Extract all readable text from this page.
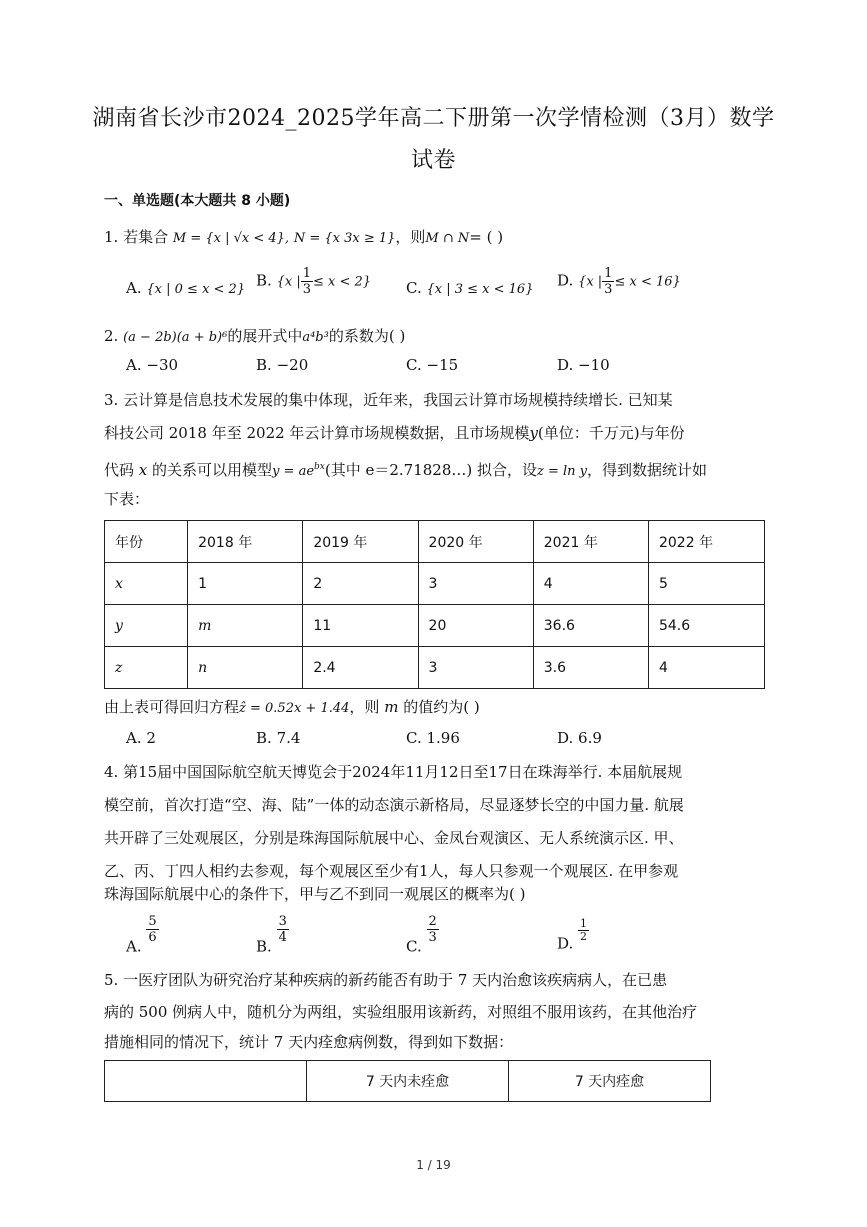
湖南省长沙市2024_2025学年高二下册第一次学情检测（3月）数学
试卷
一、单选题(本大题共 8 小题)
1. 若集合 M = {x | √x < 4}, N = {x 3x ≥ 1}，则M ∩ N= ( )
A. {x | 0 ≤ x < 2} B. {x | $\frac{1}{3} \le x < 2$} C. {x | 3 ≤ x < 16} D. {x | $\frac{1}{3} \le x < 16$}
2. (a − 2b)(a + b)⁶的展开式中a⁴b³的系数为( )
A. −30	B. −20	C. −15	D. −10
3. 云计算是信息技术发展的集中体现，近年来，我国云计算市场规模持续增长. 已知某
科技公司 2018 年至 2022 年云计算市场规模数据，且市场规模y(单位：千万元)与年份
代码 x 的关系可以用模型$y = ae^{bx}$(其中 e＝2.71828…) 拟合，设z = ln y，得到数据统计如
下表：
年份	2018 年	2019 年	2020 年	2021 年	2022 年
x	1	2	3	4	5
y	m	11	20	36.6	54.6
z	n	2.4	3	3.6	4
由上表可得回归方程ẑ = 0.52x + 1.44，则 m 的值约为( )
A. 2	B. 7.4	C. 1.96	D. 6.9
4. 第15届中国国际航空航天博览会于2024年11月12日至17日在珠海举行. 本届航展规
模空前，首次打造“空、海、陆”一体的动态演示新格局，尽显逐梦长空的中国力量. 航展
共开辟了三处观展区，分别是珠海国际航展中心、金凤台观演区、无人系统演示区. 甲、
乙、丙、丁四人相约去参观，每个观展区至少有1人，每人只参观一个观展区. 在甲参观
珠海国际航展中心的条件下，甲与乙不到同一观展区的概率为( )
A.
$\frac{5}{6}$
B.
$\frac{3}{4}$
C.
$\frac{2}{3}$	D.
$\frac{1}{2}$
5. 一医疗团队为研究治疗某种疾病的新药能否有助于 7 天内治愈该疾病病人，在已患
病的 500 例病人中，随机分为两组，实验组服用该新药，对照组不服用该药，在其他治疗
措施相同的情况下，统计 7 天内痊愈病例数，得到如下数据：
	7 天内未痊愈	7 天内痊愈
1 / 19
